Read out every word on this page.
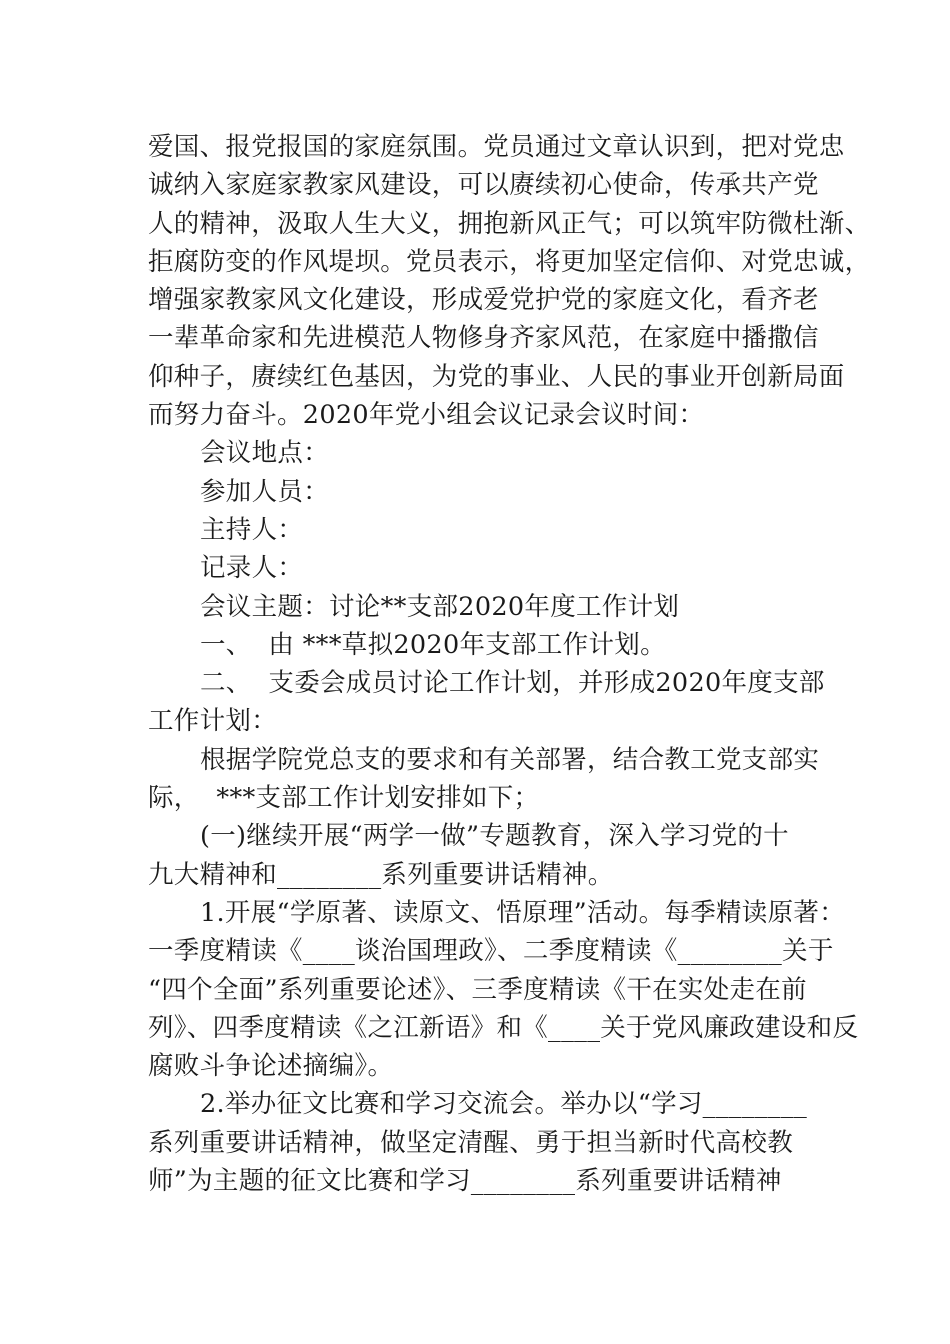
爱国、报党报国的家庭氛围。党员通过文章认识到，把对党忠
诚纳入家庭家教家风建设，可以赓续初心使命，传承共产党
人的精神，汲取人生大义，拥抱新风正气；可以筑牢防微杜渐、
拒腐防变的作风堤坝。党员表示，将更加坚定信仰、对党忠诚，
增强家教家风文化建设，形成爱党护党的家庭文化，看齐老
一辈革命家和先进模范人物修身齐家风范，在家庭中播撒信
仰种子，赓续红色基因，为党的事业、人民的事业开创新局面
而努力奋斗。2020年党小组会议记录会议时间：
会议地点：
参加人员：
主持人：
记录人：
会议主题：讨论**支部2020年度工作计划
一、  由 ***草拟2020年支部工作计划。
二、  支委会成员讨论工作计划，并形成2020年度支部
工作计划：
根据学院党总支的要求和有关部署，结合教工党支部实
际，  ***支部工作计划安排如下；
(一)继续开展“两学一做”专题教育，深入学习党的十
九大精神和________系列重要讲话精神。
1.开展“学原著、读原文、悟原理”活动。每季精读原著：
一季度精读《____谈治国理政》、二季度精读《________关于
“四个全面”系列重要论述》、三季度精读《干在实处走在前
列》、四季度精读《之江新语》和《____关于党风廉政建设和反
腐败斗争论述摘编》。
2.举办征文比赛和学习交流会。举办以“学习________
系列重要讲话精神，做坚定清醒、勇于担当新时代高校教
师”为主题的征文比赛和学习________系列重要讲话精神
